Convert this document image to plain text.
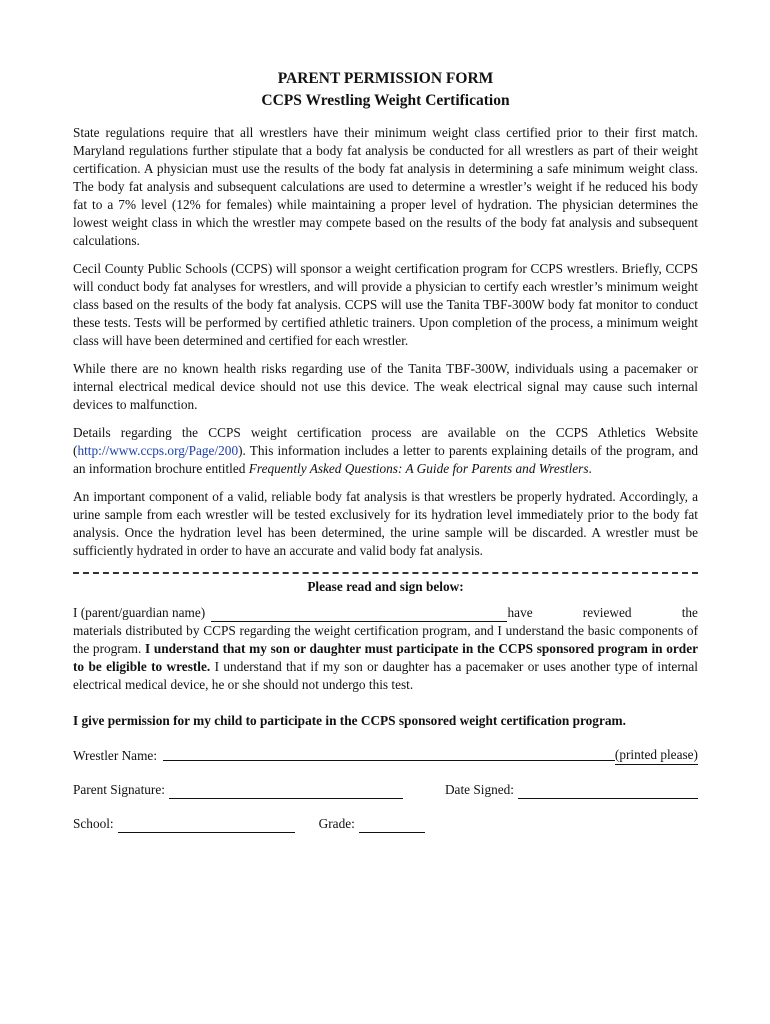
PARENT PERMISSION FORM
CCPS Wrestling Weight Certification

State regulations require that all wrestlers have their minimum weight class certified prior to their first match. Maryland regulations further stipulate that a body fat analysis be conducted for all wrestlers as part of their weight certification. A physician must use the results of the body fat analysis in determining a safe minimum weight class. The body fat analysis and subsequent calculations are used to determine a wrestler’s weight if he reduced his body fat to a 7% level (12% for females) while maintaining a proper level of hydration. The physician determines the lowest weight class in which the wrestler may compete based on the results of the body fat analysis and subsequent calculations.

Cecil County Public Schools (CCPS) will sponsor a weight certification program for CCPS wrestlers. Briefly, CCPS will conduct body fat analyses for wrestlers, and will provide a physician to certify each wrestler’s minimum weight class based on the results of the body fat analysis. CCPS will use the Tanita TBF-300W body fat monitor to conduct these tests. Tests will be performed by certified athletic trainers. Upon completion of the process, a minimum weight class will have been determined and certified for each wrestler.

While there are no known health risks regarding use of the Tanita TBF-300W, individuals using a pacemaker or internal electrical medical device should not use this device. The weak electrical signal may cause such internal devices to malfunction.

Details regarding the CCPS weight certification process are available on the CCPS Athletics Website (http://www.ccps.org/Page/200). This information includes a letter to parents explaining details of the program, and an information brochure entitled Frequently Asked Questions: A Guide for Parents and Wrestlers.

An important component of a valid, reliable body fat analysis is that wrestlers be properly hydrated. Accordingly, a urine sample from each wrestler will be tested exclusively for its hydration level immediately prior to the body fat analysis. Once the hydration level has been determined, the urine sample will be discarded. A wrestler must be sufficiently hydrated in order to have an accurate and valid body fat analysis.

Please read and sign below:
I (parent/guardian name)	have	reviewed	the

materials distributed by CCPS regarding the weight certification program, and I understand the basic components of the program. I understand that my son or daughter must participate in the CCPS sponsored program in order to be eligible to wrestle. I understand that if my son or daughter has a pacemaker or uses another type of internal electrical medical device, he or she should not undergo this test.

I give permission for my child to participate in the CCPS sponsored weight certification program.

Wrestler Name:	(printed please)
Parent Signature:	Date Signed:
School:	Grade:
